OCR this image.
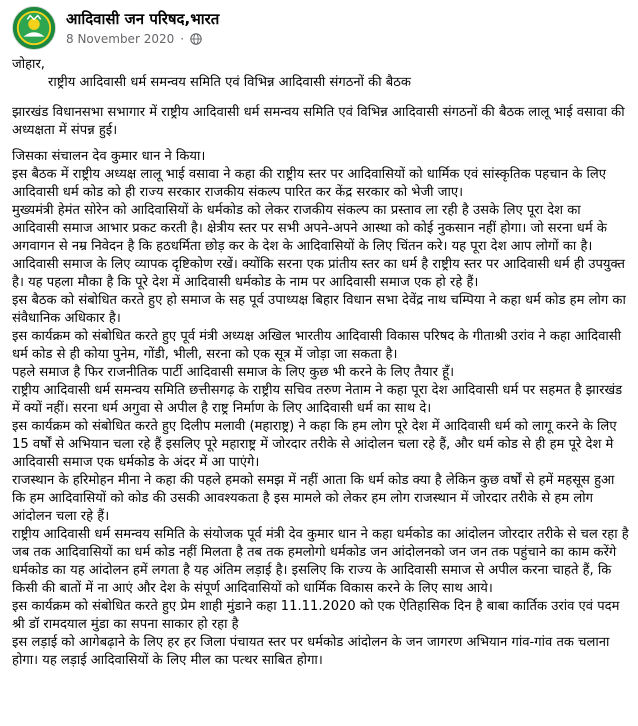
आदिवासी जन परिषद,भारत
8 November 2020 ·

जोहार,

राष्ट्रीय आदिवासी धर्म समन्वय समिति एवं विभिन्न आदिवासी संगठनों की बैठक

झारखंड विधानसभा सभागार में राष्ट्रीय आदिवासी धर्म समन्वय समिति एवं विभिन्न आदिवासी संगठनों की बैठक लालू भाई वसावा की अध्यक्षता में संपन्न हुई।

जिसका संचालन देव कुमार धान ने किया।

इस बैठक में राष्ट्रीय अध्यक्ष लालू भाई वसावा ने कहा की राष्ट्रीय स्तर पर आदिवासियों को धार्मिक एवं सांस्कृतिक पहचान के लिए आदिवासी धर्म कोड को ही राज्य सरकार राजकीय संकल्प पारित कर केंद्र सरकार को भेजी जाए।

मुख्यमंत्री हेमंत सोरेन को आदिवासियों के धर्मकोड को लेकर राजकीय संकल्प का प्रस्ताव ला रही है उसके लिए पूरा देश का आदिवासी समाज आभार प्रकट करती है। क्षेत्रीय स्तर पर सभी अपने-अपने आस्था को कोई नुकसान नहीं होगा। जो सरना धर्म के अगवागन से नम्र निवेदन है कि हठधर्मिता छोड़ कर के देश के आदिवासियों के लिए चिंतन करे। यह पूरा देश आप लोगों का है। आदिवासी समाज के लिए व्यापक दृष्टिकोण रखें। क्योंकि सरना एक प्रांतीय स्तर का धर्म है राष्ट्रीय स्तर पर आदिवासी धर्म ही उपयुक्त है। यह पहला मौका है कि पूरे देश में आदिवासी धर्मकोड के नाम पर आदिवासी समाज एक हो रहे हैं।

इस बैठक को संबोधित करते हुए हो समाज के सह पूर्व उपाध्यक्ष बिहार विधान सभा देवेंद्र नाथ चम्पिया ने कहा धर्म कोड हम लोग का संवैधानिक अधिकार है।

इस कार्यक्रम को संबोधित करते हुए पूर्व मंत्री अध्यक्ष अखिल भारतीय आदिवासी विकास परिषद के गीताश्री उरांव ने कहा आदिवासी धर्म कोड से ही कोया पुनेम, गोंडी, भीली, सरना को एक सूत्र में जोड़ा जा सकता है।

पहले समाज है फिर राजनीतिक पार्टी आदिवासी समाज के लिए कुछ भी करने के लिए तैयार हूँ।

राष्ट्रीय आदिवासी धर्म समन्वय समिति छत्तीसगढ़ के राष्ट्रीय सचिव तरुण नेताम ने कहा पूरा देश आदिवासी धर्म पर सहमत है झारखंड में क्यों नहीं। सरना धर्म अगुवा से अपील है राष्ट्र निर्माण के लिए आदिवासी धर्म का साथ दे।

इस कार्यक्रम को संबोधित करते हुए दिलीप मलावी (महाराष्ट्र) ने कहा कि हम लोग पूरे देश में आदिवासी धर्म को लागू करने के लिए 15 वर्षों से अभियान चला रहे हैं इसलिए पूरे महाराष्ट्र में जोरदार तरीके से आंदोलन चला रहे हैं, और धर्म कोड से ही हम पूरे देश मे आदिवासी समाज एक धर्मकोड के अंदर में आ पाएंगे।

राजस्थान के हरिमोहन मीना ने कहा की पहले हमको समझ में नहीं आता कि धर्म कोड क्या है लेकिन कुछ वर्षों से हमें महसूस हुआ कि हम आदिवासियों को कोड की उसकी आवश्यकता है इस मामले को लेकर हम लोग राजस्थान में जोरदार तरीके से हम लोग आंदोलन चला रहे हैं।

राष्ट्रीय आदिवासी धर्म समन्वय समिति के संयोजक पूर्व मंत्री देव कुमार धान ने कहा धर्मकोड का आंदोलन जोरदार तरीके से चल रहा है जब तक आदिवासियों का धर्म कोड नहीं मिलता है तब तक हमलोगो धर्मकोड जन आंदोलनको जन जन तक पहुंचाने का काम करेंगे धर्मकोड का यह आंदोलन हमें लगता है यह अंतिम लड़ाई है। इसलिए कि राज्य के आदिवासी समाज से अपील करना चाहते हैं, कि किसी की बातों में ना आएं और देश के संपूर्ण आदिवासियों को धार्मिक विकास करने के लिए साथ आये।

इस कार्यक्रम को संबोधित करते हुए प्रेम शाही मुंडाने कहा 11.11.2020 को एक ऐतिहासिक दिन है बाबा कार्तिक उरांव एवं पदम श्री डॉ रामदयाल मुंडा का सपना साकार हो रहा है

इस लड़ाई को आगेबढ़ाने के लिए हर हर जिला पंचायत स्तर पर धर्मकोड आंदोलन के जन जागरण अभियान गांव-गांव तक चलाना होगा। यह लड़ाई आदिवासियों के लिए मील का पत्थर साबित होगा।
